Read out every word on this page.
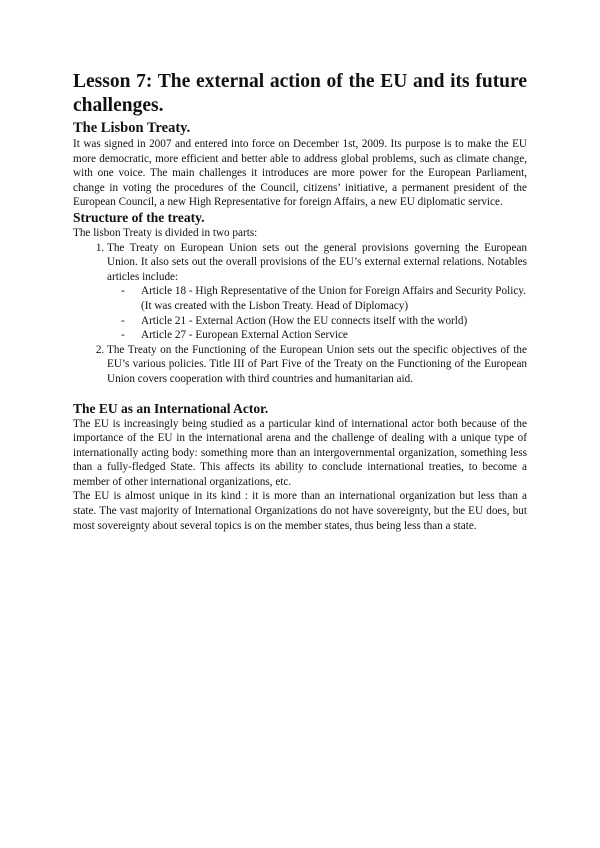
Lesson 7: The external action of the EU and its future challenges.
The Lisbon Treaty.

It was signed in 2007 and entered into force on December 1st, 2009. Its purpose is to make the EU more democratic, more efficient and better able to address global problems, such as climate change, with one voice. The main challenges it introduces are more power for the European Parliament, change in voting the procedures of the Council, citizens’ initiative, a permanent president of the European Council, a new High Representative for foreign Affairs, a new EU diplomatic service.

Structure of the treaty.

The lisbon Treaty is divided in two parts:

1. The Treaty on European Union sets out the general provisions governing the European Union. It also sets out the overall provisions of the EU’s external external relations. Notables articles include:
- Article 18 - High Representative of the Union for Foreign Affairs and Security Policy. (It was created with the Lisbon Treaty. Head of Diplomacy)
- Article 21 - External Action (How the EU connects itself with the world)
- Article 27 - European External Action Service
2. The Treaty on the Functioning of the European Union sets out the specific objectives of the EU’s various policies. Title III of Part Five of the Treaty on the Functioning of the European Union covers cooperation with third countries and humanitarian aid.
The EU as an International Actor.

The EU is increasingly being studied as a particular kind of international actor both because of the importance of the EU in the international arena and the challenge of dealing with a unique type of internationally acting body: something more than an intergovernmental organization, something less than a fully-fledged State. This affects its ability to conclude international treaties, to become a member of other international organizations, etc.

The EU is almost unique in its kind : it is more than an international organization but less than a state. The vast majority of International Organizations do not have sovereignty, but the EU does, but most sovereignty about several topics is on the member states, thus being less than a state.
